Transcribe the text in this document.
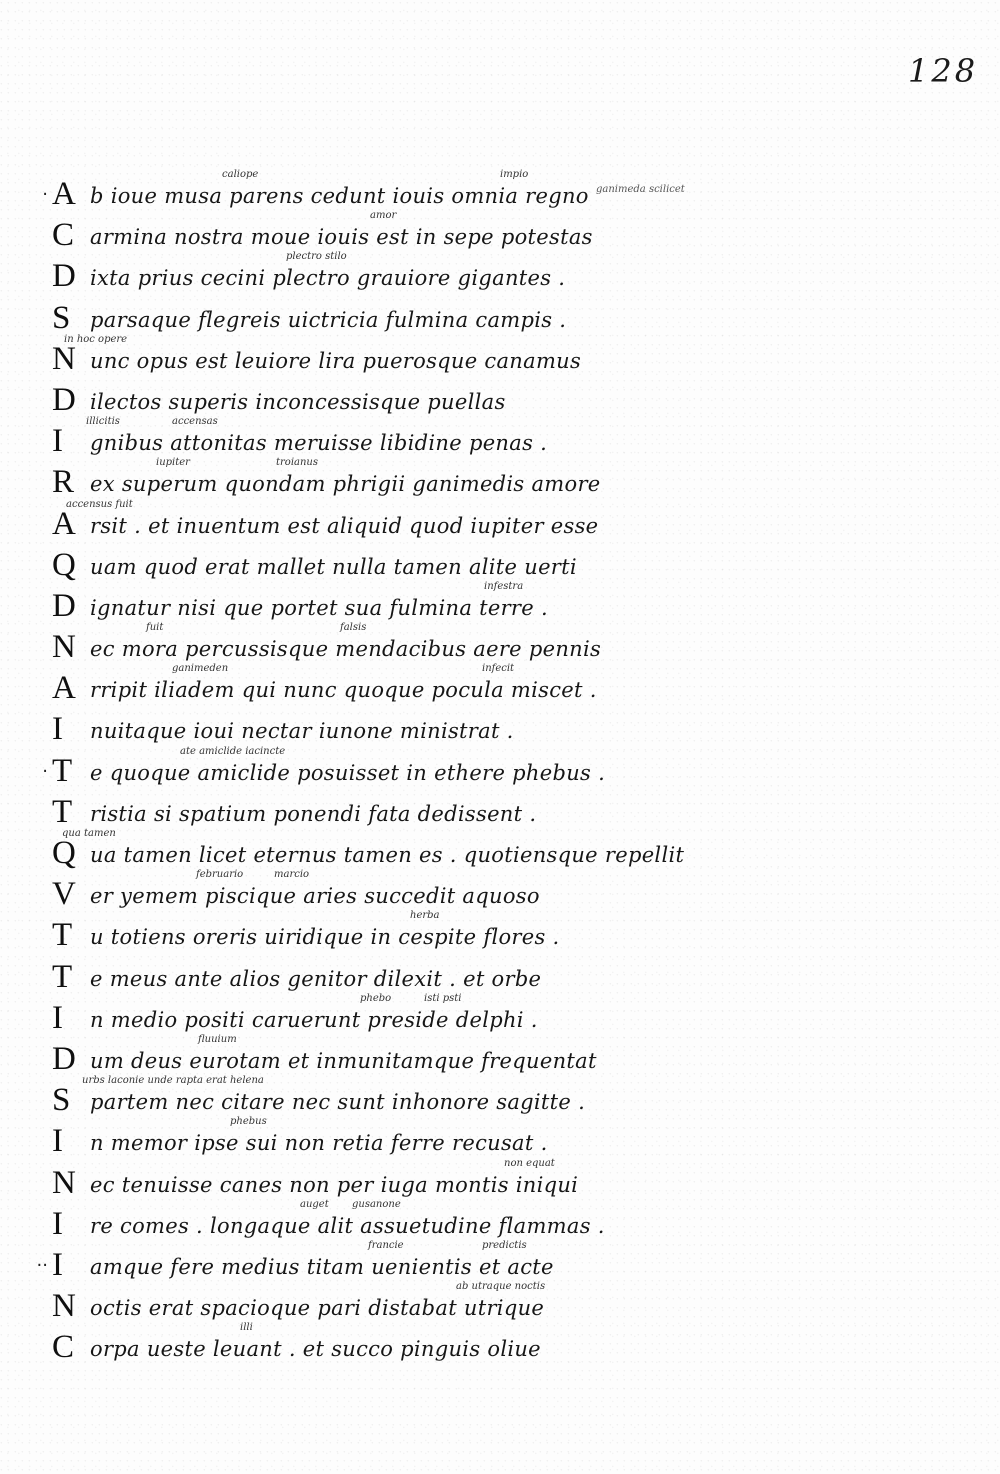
128
ganimeda scilicet
· A b ioue musa parens cedunt iouis omnia regno
caliope	impio
C armina nostra moue iouis est in sepe potestas
amor
D ixta prius cecini plectro grauiore gigantes .
plectro stilo
S parsaque flegreis uictricia fulmina campis .
N unc opus est leuiore lira puerosque canamus
in hoc opere
D ilectos superis inconcessisque puellas
I gnibus attonitas meruisse libidine penas .
illicitis	accensas
R ex superum quondam phrigii ganimedis amore
iupiter	troianus
A rsit . et inuentum est aliquid quod iupiter esse
accensus fuit
Q uam quod erat mallet nulla tamen alite uerti
D ignatur nisi que portet sua fulmina terre .
infestra
N ec mora percussisque mendacibus aere pennis
fuit	falsis
A rripit iliadem qui nunc quoque pocula miscet .
ganimeden	infecit
I nuitaque ioui nectar iunone ministrat .
· T e quoque amiclide posuisset in ethere phebus .
ate amiclide iacincte
T ristia si spatium ponendi fata dedissent .
Q ua tamen licet eternus tamen es . quotiensque repellit
qua tamen
V er yemem piscique aries succedit aquoso
februario	marcio
T u totiens oreris uiridique in cespite flores .
herba
T e meus ante alios genitor dilexit . et orbe
I n medio positi caruerunt preside delphi .
phebo	isti psti
D um deus eurotam et inmunitamque frequentat
fluuium
S partem nec citare nec sunt inhonore sagitte .
urbs laconie unde rapta erat helena
I n memor ipse sui non retia ferre recusat .
phebus
N ec tenuisse canes non per iuga montis iniqui
non equat
I re comes . longaque alit assuetudine flammas .
auget gusanone
·· I amque fere medius titam uenientis et acte
francie	predictis
N octis erat spacioque pari distabat utrique
ab utraque noctis
C orpa ueste leuant . et succo pinguis oliue
illi
